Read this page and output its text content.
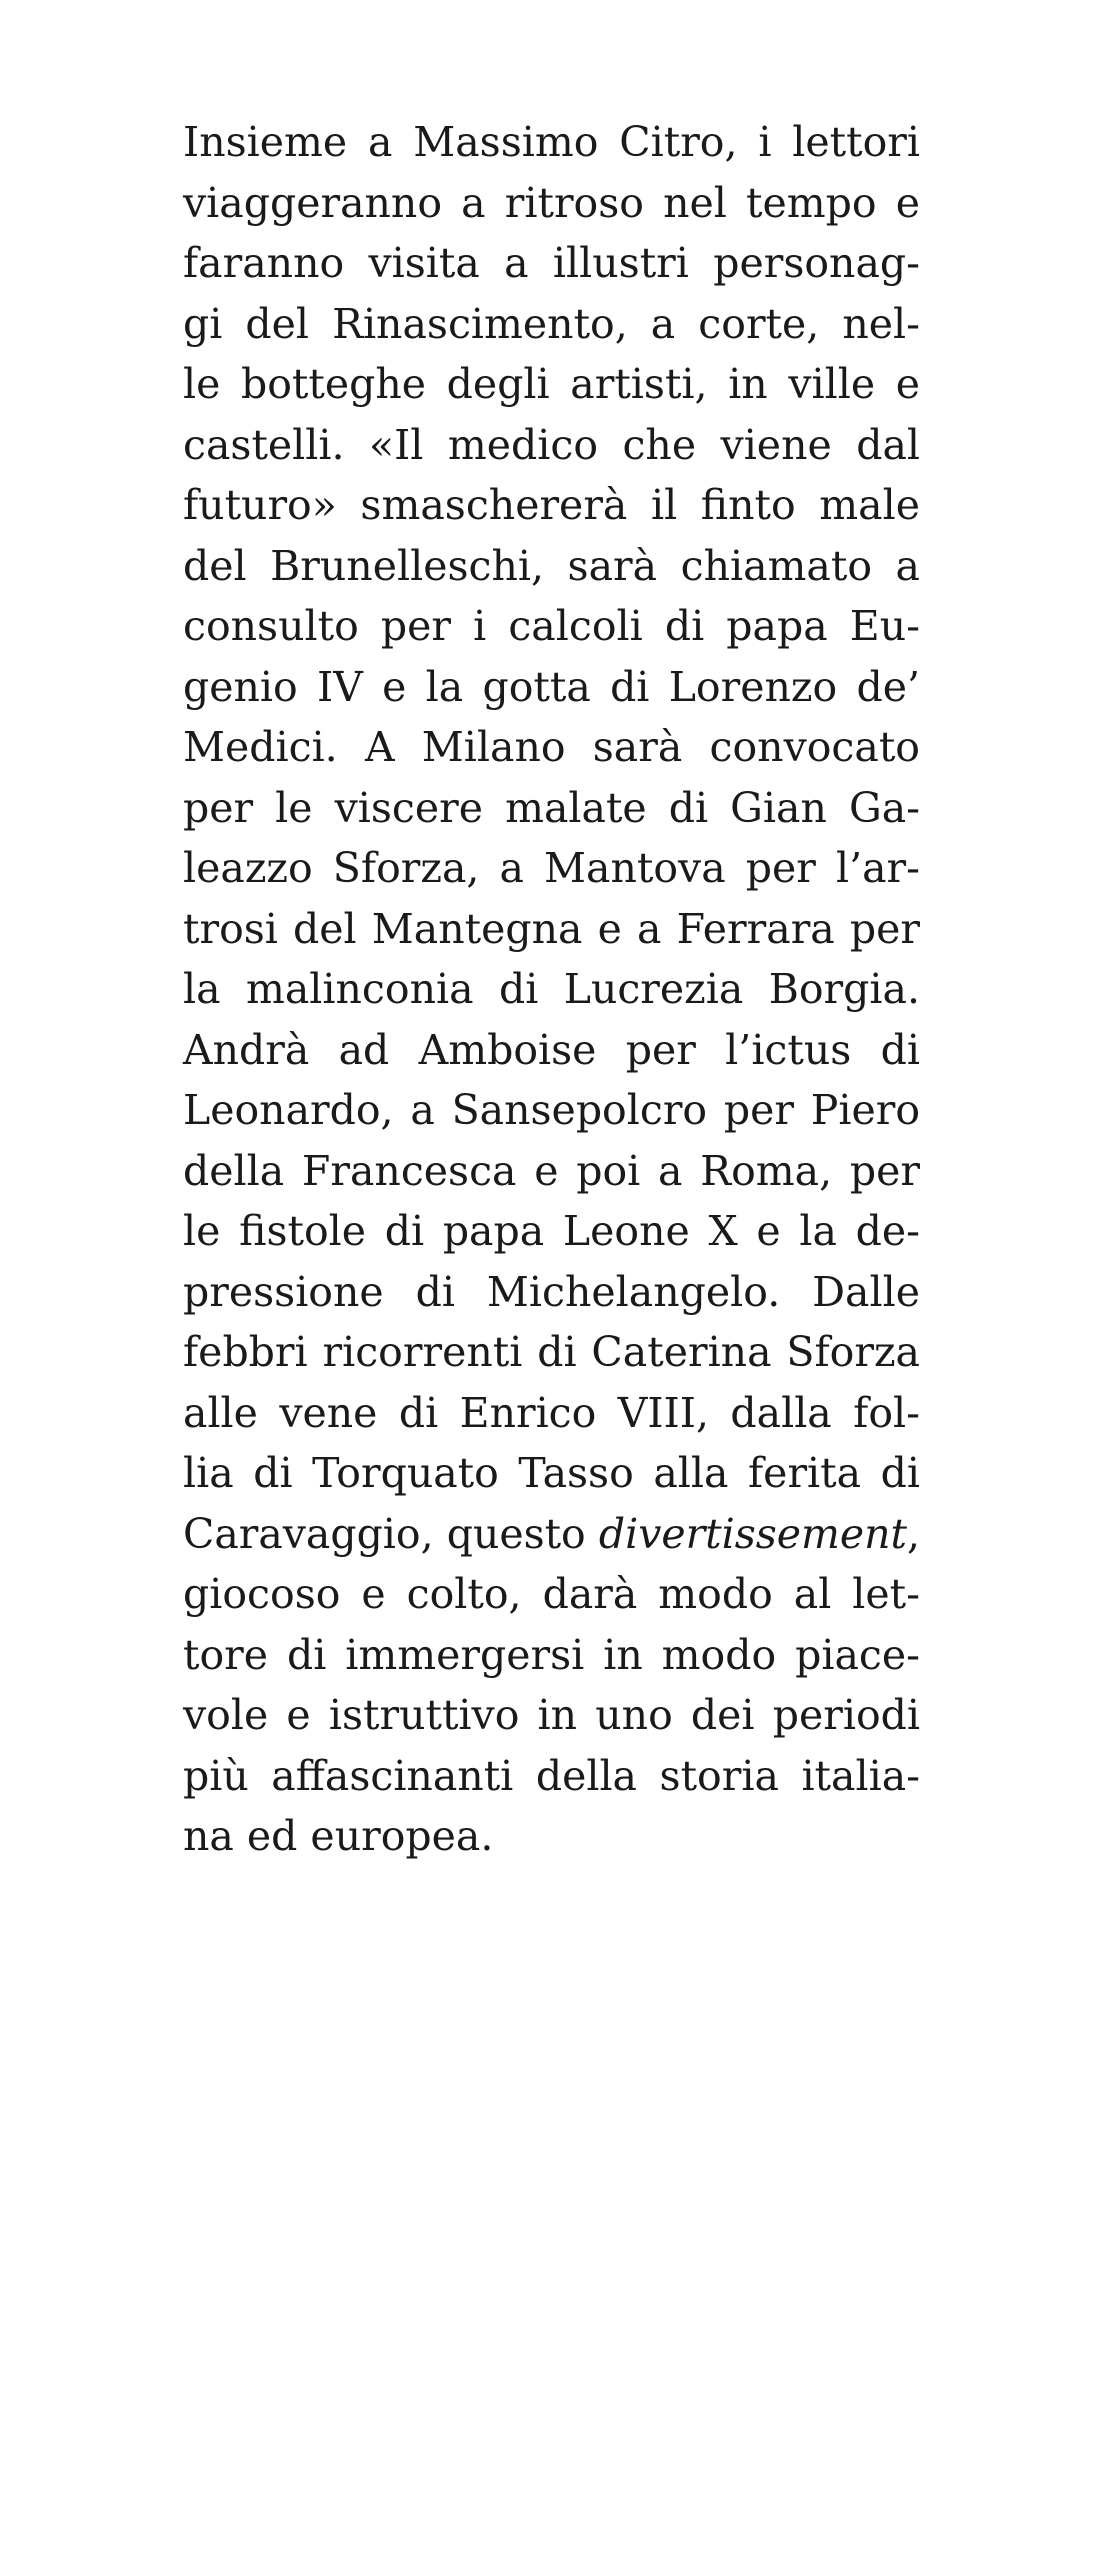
Insieme a Massimo Citro, i lettori
viaggeranno a ritroso nel tempo e
faranno visita a illustri personag-
gi del Rinascimento, a corte, nel-
le botteghe degli artisti, in ville e
castelli. «Il medico che viene dal
futuro» smaschererà il finto male
del Brunelleschi, sarà chiamato a
consulto per i calcoli di papa Eu-
genio IV e la gotta di Lorenzo de’
Medici. A Milano sarà convocato
per le viscere malate di Gian Ga-
leazzo Sforza, a Mantova per l’ar-
trosi del Mantegna e a Ferrara per
la malinconia di Lucrezia Borgia.
Andrà ad Amboise per l’ictus di
Leonardo, a Sansepolcro per Piero
della Francesca e poi a Roma, per
le fistole di papa Leone X e la de-
pressione di Michelangelo. Dalle
febbri ricorrenti di Caterina Sforza
alle vene di Enrico VIII, dalla fol-
lia di Torquato Tasso alla ferita di
Caravaggio, questo divertissement,
giocoso e colto, darà modo al let-
tore di immergersi in modo piace-
vole e istruttivo in uno dei periodi
più affascinanti della storia italia-
na ed europea.
